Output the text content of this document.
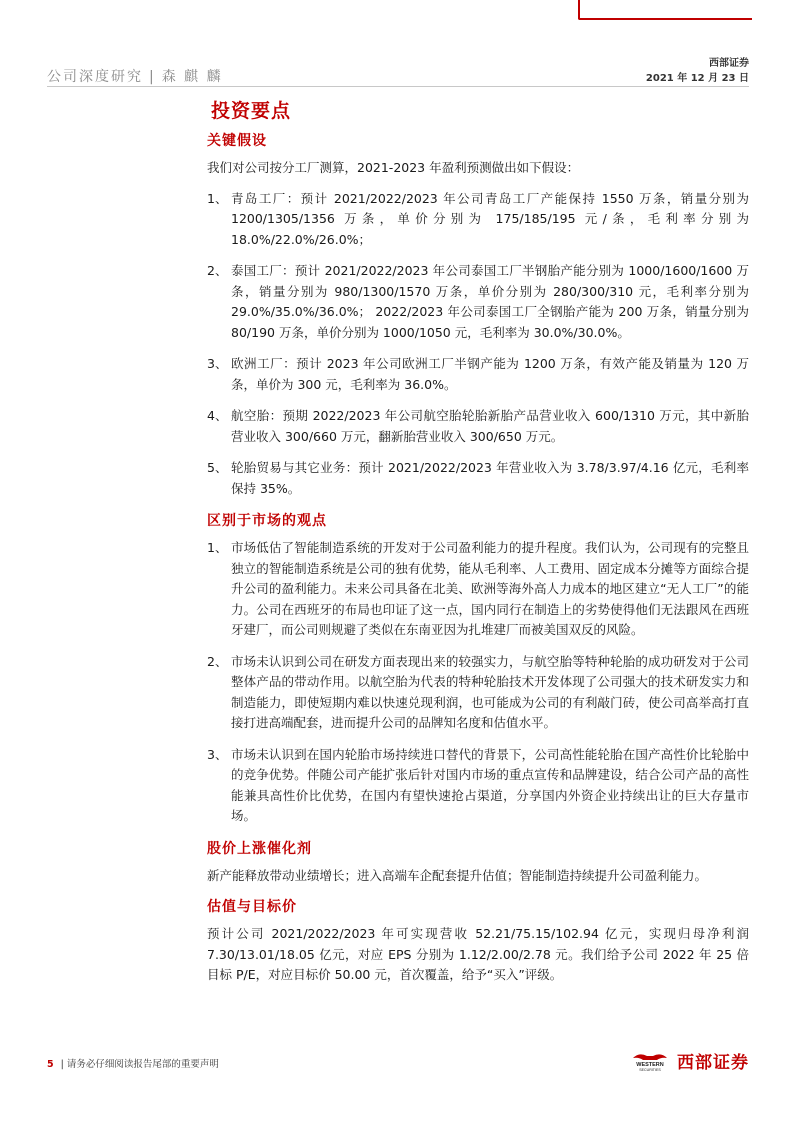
公司深度研究 | 森 麒 麟
西部证券
2021 年 12 月 23 日
投资要点
关键假设

我们对公司按分工厂测算，2021-2023 年盈利预测做出如下假设：

1、 青岛工厂：预计 2021/2022/2023 年公司青岛工厂产能保持 1550 万条，销量分别为 1200/1305/1356 万条，单价分别为 175/185/195 元/条，毛利率分别为 18.0%/22.0%/26.0%；
2、 泰国工厂：预计 2021/2022/2023 年公司泰国工厂半钢胎产能分别为 1000/1600/1600 万条，销量分别为 980/1300/1570 万条，单价分别为 280/300/310 元，毛利率分别为 29.0%/35.0%/36.0%； 2022/2023 年公司泰国工厂全钢胎产能为 200 万条，销量分别为 80/190 万条，单价分别为 1000/1050 元，毛利率为 30.0%/30.0%。
3、 欧洲工厂：预计 2023 年公司欧洲工厂半钢产能为 1200 万条，有效产能及销量为 120 万条，单价为 300 元，毛利率为 36.0%。
4、 航空胎：预期 2022/2023 年公司航空胎轮胎新胎产品营业收入 600/1310 万元，其中新胎营业收入 300/660 万元，翻新胎营业收入 300/650 万元。
5、 轮胎贸易与其它业务：预计 2021/2022/2023 年营业收入为 3.78/3.97/4.16 亿元，毛利率保持 35%。
区别于市场的观点
1、 市场低估了智能制造系统的开发对于公司盈利能力的提升程度。我们认为，公司现有的完整且独立的智能制造系统是公司的独有优势，能从毛利率、人工费用、固定成本分摊等方面综合提升公司的盈利能力。未来公司具备在北美、欧洲等海外高人力成本的地区建立“无人工厂”的能力。公司在西班牙的布局也印证了这一点，国内同行在制造上的劣势使得他们无法跟风在西班牙建厂，而公司则规避了类似在东南亚因为扎堆建厂而被美国双反的风险。
2、 市场未认识到公司在研发方面表现出来的较强实力，与航空胎等特种轮胎的成功研发对于公司整体产品的带动作用。以航空胎为代表的特种轮胎技术开发体现了公司强大的技术研发实力和制造能力，即使短期内难以快速兑现利润，也可能成为公司的有利敲门砖，使公司高举高打直接打进高端配套，进而提升公司的品牌知名度和估值水平。
3、 市场未认识到在国内轮胎市场持续进口替代的背景下，公司高性能轮胎在国产高性价比轮胎中的竞争优势。伴随公司产能扩张后针对国内市场的重点宣传和品牌建设，结合公司产品的高性能兼具高性价比优势，在国内有望快速抢占渠道，分享国内外资企业持续出让的巨大存量市场。
股价上涨催化剂

新产能释放带动业绩增长；进入高端车企配套提升估值；智能制造持续提升公司盈利能力。

估值与目标价

预计公司 2021/2022/2023 年可实现营收 52.21/75.15/102.94 亿元，实现归母净利润 7.30/13.01/18.05 亿元，对应 EPS 分别为 1.12/2.00/2.78 元。我们给予公司 2022 年 25 倍目标 P/E，对应目标价 50.00 元，首次覆盖，给予“买入”评级。

5 | 请务必仔细阅读报告尾部的重要声明	WESTERN
SECURITIES 西部证券
